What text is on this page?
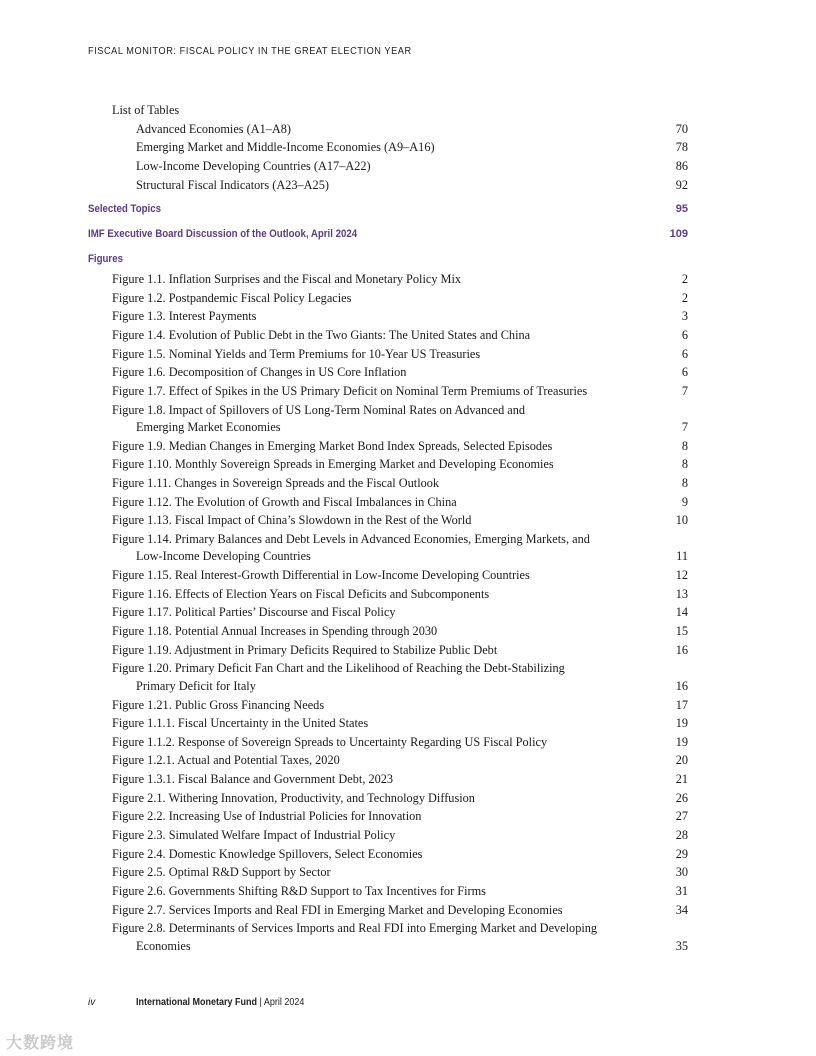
FISCAL MONITOR: FISCAL POLICY IN THE GREAT ELECTION YEAR
List of Tables
Advanced Economies (A1–A8)	70
Emerging Market and Middle-Income Economies (A9–A16)	78
Low-Income Developing Countries (A17–A22)	86
Structural Fiscal Indicators (A23–A25)	92
Selected Topics	95
IMF Executive Board Discussion of the Outlook, April 2024	109
Figures
Figure 1.1. Inflation Surprises and the Fiscal and Monetary Policy Mix	2
Figure 1.2. Postpandemic Fiscal Policy Legacies	2
Figure 1.3. Interest Payments	3
Figure 1.4. Evolution of Public Debt in the Two Giants: The United States and China	6
Figure 1.5. Nominal Yields and Term Premiums for 10-Year US Treasuries	6
Figure 1.6. Decomposition of Changes in US Core Inflation	6
Figure 1.7. Effect of Spikes in the US Primary Deficit on Nominal Term Premiums of Treasuries	7
Figure 1.8. Impact of Spillovers of US Long-Term Nominal Rates on Advanced and
Emerging Market Economies	7
Figure 1.9. Median Changes in Emerging Market Bond Index Spreads, Selected Episodes	8
Figure 1.10. Monthly Sovereign Spreads in Emerging Market and Developing Economies	8
Figure 1.11. Changes in Sovereign Spreads and the Fiscal Outlook	8
Figure 1.12. The Evolution of Growth and Fiscal Imbalances in China	9
Figure 1.13. Fiscal Impact of China’s Slowdown in the Rest of the World	10
Figure 1.14. Primary Balances and Debt Levels in Advanced Economies, Emerging Markets, and
Low-Income Developing Countries	11
Figure 1.15. Real Interest-Growth Differential in Low-Income Developing Countries	12
Figure 1.16. Effects of Election Years on Fiscal Deficits and Subcomponents	13
Figure 1.17. Political Parties’ Discourse and Fiscal Policy	14
Figure 1.18. Potential Annual Increases in Spending through 2030	15
Figure 1.19. Adjustment in Primary Deficits Required to Stabilize Public Debt	16
Figure 1.20. Primary Deficit Fan Chart and the Likelihood of Reaching the Debt-Stabilizing
Primary Deficit for Italy	16
Figure 1.21. Public Gross Financing Needs	17
Figure 1.1.1. Fiscal Uncertainty in the United States	19
Figure 1.1.2. Response of Sovereign Spreads to Uncertainty Regarding US Fiscal Policy	19
Figure 1.2.1. Actual and Potential Taxes, 2020	20
Figure 1.3.1. Fiscal Balance and Government Debt, 2023	21
Figure 2.1. Withering Innovation, Productivity, and Technology Diffusion	26
Figure 2.2. Increasing Use of Industrial Policies for Innovation	27
Figure 2.3. Simulated Welfare Impact of Industrial Policy	28
Figure 2.4. Domestic Knowledge Spillovers, Select Economies	29
Figure 2.5. Optimal R&D Support by Sector	30
Figure 2.6. Governments Shifting R&D Support to Tax Incentives for Firms	31
Figure 2.7. Services Imports and Real FDI in Emerging Market and Developing Economies	34
Figure 2.8. Determinants of Services Imports and Real FDI into Emerging Market and Developing
Economies	35
iv	International Monetary Fund | April 2024
大数跨境
